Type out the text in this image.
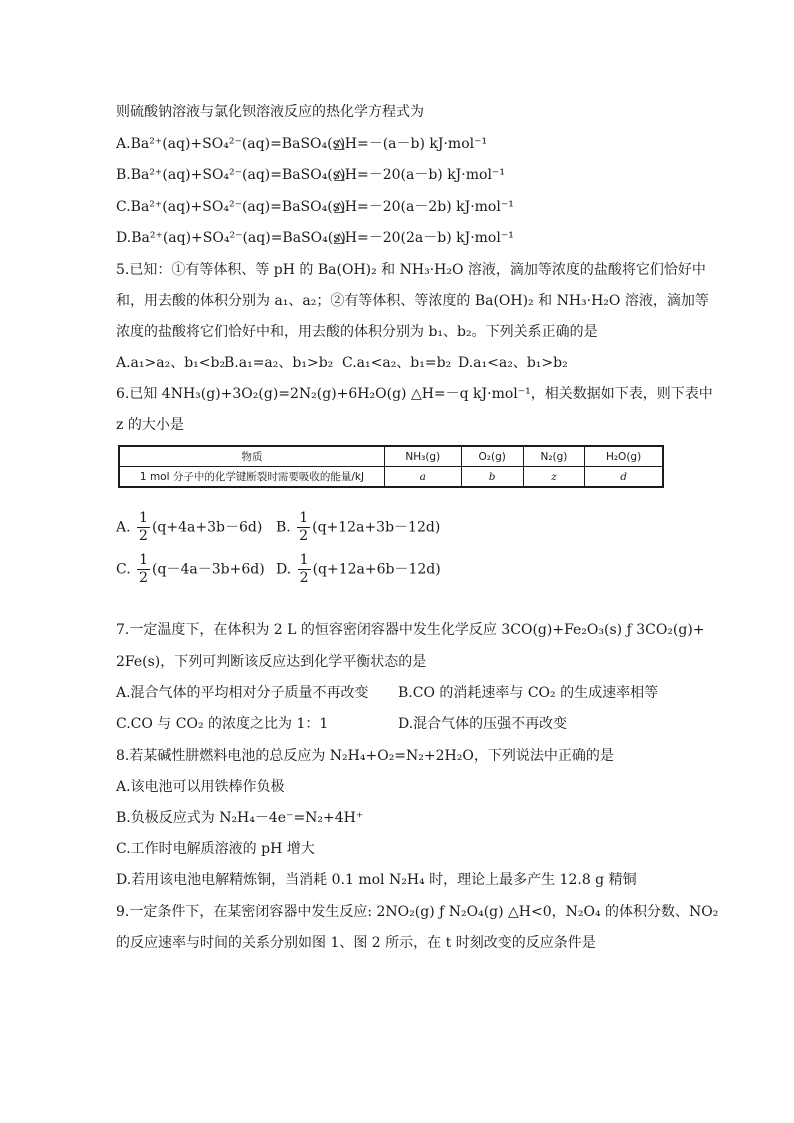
则硫酸钠溶液与氯化钡溶液反应的热化学方程式为
A.Ba²⁺(aq)+SO₄²⁻(aq)=BaSO₄(s)
△H=－(a－b) kJ·mol⁻¹
B.Ba²⁺(aq)+SO₄²⁻(aq)=BaSO₄(s)
△H=－20(a－b) kJ·mol⁻¹
C.Ba²⁺(aq)+SO₄²⁻(aq)=BaSO₄(s)
△H=－20(a－2b) kJ·mol⁻¹
D.Ba²⁺(aq)+SO₄²⁻(aq)=BaSO₄(s)
△H=－20(2a－b) kJ·mol⁻¹
5.已知：①有等体积、等 pH 的 Ba(OH)₂ 和 NH₃·H₂O 溶液，滴加等浓度的盐酸将它们恰好中
和，用去酸的体积分别为 a₁、a₂；②有等体积、等浓度的 Ba(OH)₂ 和 NH₃·H₂O 溶液，滴加等
浓度的盐酸将它们恰好中和，用去酸的体积分别为 b₁、b₂。下列关系正确的是
A.a₁>a₂、b₁<b₂
B.a₁=a₂、b₁>b₂ C.a₁<a₂、b₁=b₂ D.a₁<a₂、b₁>b₂
6.已知 4NH₃(g)+3O₂(g)=2N₂(g)+6H₂O(g) △H=－q kJ·mol⁻¹，相关数据如下表，则下表中
z 的大小是
物质	NH₃(g)	O₂(g)	N₂(g)	H₂O(g)
1 mol 分子中的化学键断裂时需要吸收的能量/kJ	a	b	z	d
A. $\frac{1}{2} (q+4a+3b-6d)$ B. $\frac{1}{2} (q+12a+3b-12d)$
C. $\frac{1}{2} (q-4a-3b+6d)$ D. $\frac{1}{2} (q+12a+6b-12d)$
7.一定温度下，在体积为 2 L 的恒容密闭容器中发生化学反应 3CO(g)+Fe₂O₃(s) ƒ 3CO₂(g)+
2Fe(s)，下列可判断该反应达到化学平衡状态的是
A.混合气体的平均相对分子质量不再改变 B.CO 的消耗速率与 CO₂ 的生成速率相等
C.CO 与 CO₂ 的浓度之比为 1：1	D.混合气体的压强不再改变
8.若某碱性肼燃料电池的总反应为 N₂H₄+O₂=N₂+2H₂O，下列说法中正确的是
A.该电池可以用铁棒作负极
B.负极反应式为 N₂H₄－4e⁻=N₂+4H⁺
C.工作时电解质溶液的 pH 增大
D.若用该电池电解精炼铜，当消耗 0.1 mol N₂H₄ 时，理论上最多产生 12.8 g 精铜
9.一定条件下，在某密闭容器中发生反应: 2NO₂(g) ƒ N₂O₄(g) △H<0，N₂O₄ 的体积分数、NO₂
的反应速率与时间的关系分别如图 1、图 2 所示，在 t 时刻改变的反应条件是
